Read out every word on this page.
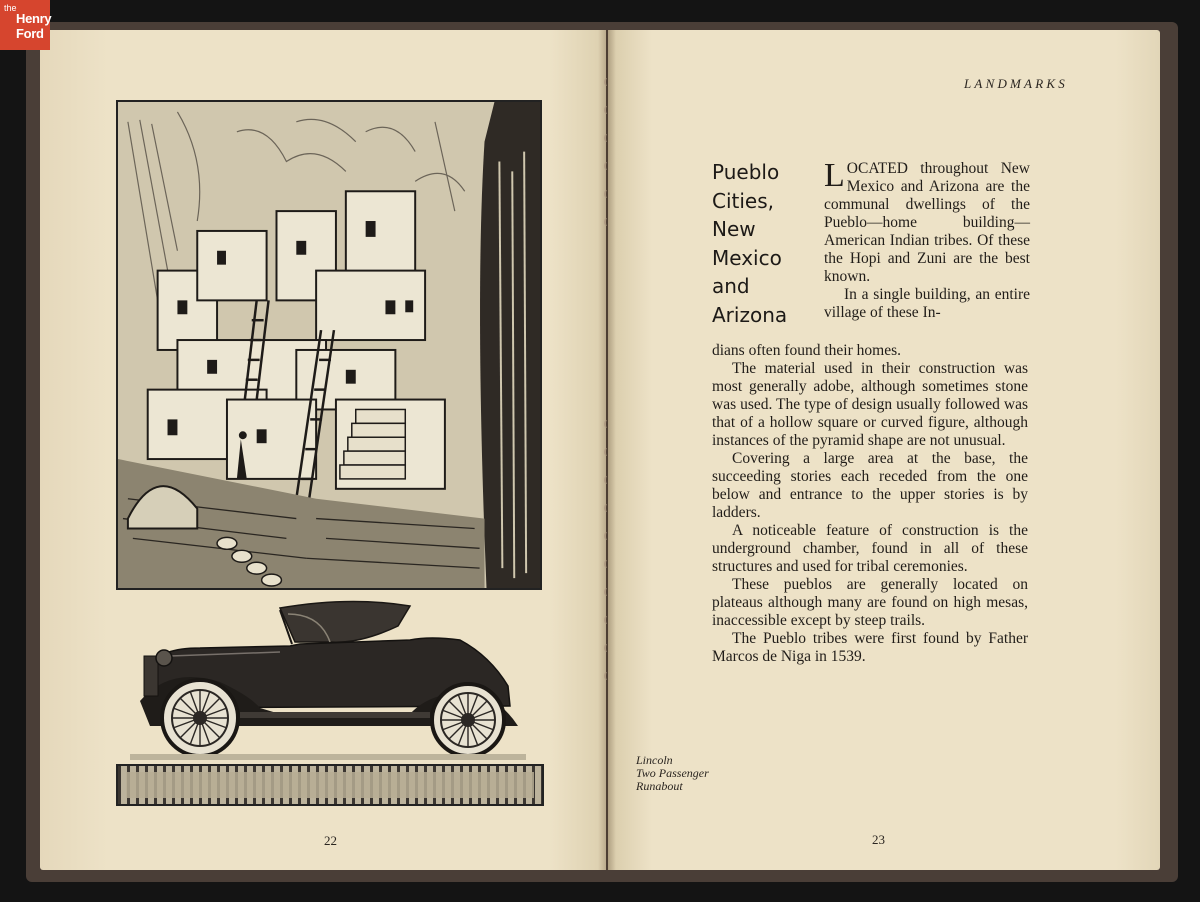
the
Henry
Ford
22
LANDMARKS
Pueblo
Cities,
New
Mexico
and
Arizona
LOCATED throughout New Mexico and Arizona are the communal dwellings of the Pueblo—home building—American Indian tribes. Of these the Hopi and Zuni are the best known.
In a single building, an entire village of these In-

dians often found their homes.

The material used in their construction was most generally adobe, although sometimes stone was used. The type of design usually followed was that of a hollow square or curved figure, although instances of the pyramid shape are not unusual.

Covering a large area at the base, the succeeding stories each receded from the one below and entrance to the upper stories is by ladders.

A noticeable feature of construction is the underground chamber, found in all of these structures and used for tribal ceremonies.

These pueblos are generally located on plateaus although many are found on high mesas, inaccessible except by steep trails.

The Pueblo tribes were first found by Father Marcos de Niga in 1539.

Lincoln
Two Passenger
Runabout
23
